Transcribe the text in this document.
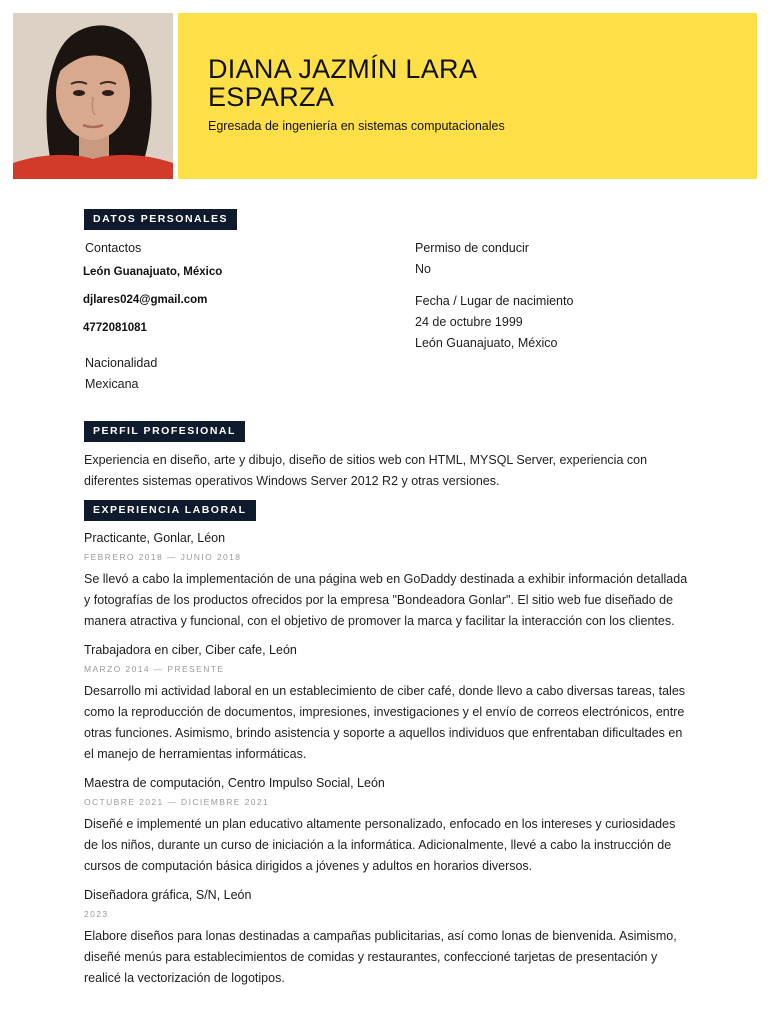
DIANA JAZMÍN LARA
ESPARZA
Egresada de ingeniería en sistemas computacionales
DATOS PERSONALES
Contactos
León Guanajuato, México
djlares024@gmail.com
4772081081
Nacionalidad
Mexicana
Permiso de conducir
No
Fecha / Lugar de nacimiento
24 de octubre 1999
León Guanajuato, México
PERFIL PROFESIONAL
Experiencia en diseño, arte y dibujo, diseño de sitios web con HTML, MYSQL Server, experiencia con diferentes sistemas operativos Windows Server 2012 R2 y otras versiones.
EXPERIENCIA LABORAL
Practicante, Gonlar, Léon
FEBRERO 2018 — JUNIO 2018
Se llevó a cabo la implementación de una página web en GoDaddy destinada a exhibir información detallada y fotografías de los productos ofrecidos por la empresa "Bondeadora Gonlar". El sitio web fue diseñado de manera atractiva y funcional, con el objetivo de promover la marca y facilitar la interacción con los clientes.
Trabajadora en ciber, Ciber cafe, León
MARZO 2014 — PRESENTE
Desarrollo mi actividad laboral en un establecimiento de ciber café, donde llevo a cabo diversas tareas, tales como la reproducción de documentos, impresiones, investigaciones y el envío de correos electrónicos, entre otras funciones. Asimismo, brindo asistencia y soporte a aquellos individuos que enfrentaban dificultades en el manejo de herramientas informáticas.
Maestra de computación, Centro Impulso Social, León
OCTUBRE 2021 — DICIEMBRE 2021
Diseñé e implementé un plan educativo altamente personalizado, enfocado en los intereses y curiosidades de los niños, durante un curso de iniciación a la informática. Adicionalmente, llevé a cabo la instrucción de cursos de computación básica dirigidos a jóvenes y adultos en horarios diversos.
Diseñadora gráfica, S/N, León
2023
Elabore diseños para lonas destinadas a campañas publicitarias, así como lonas de bienvenida. Asimismo, diseñé menús para establecimientos de comidas y restaurantes, confeccioné tarjetas de presentación y realicé la vectorización de logotipos.
